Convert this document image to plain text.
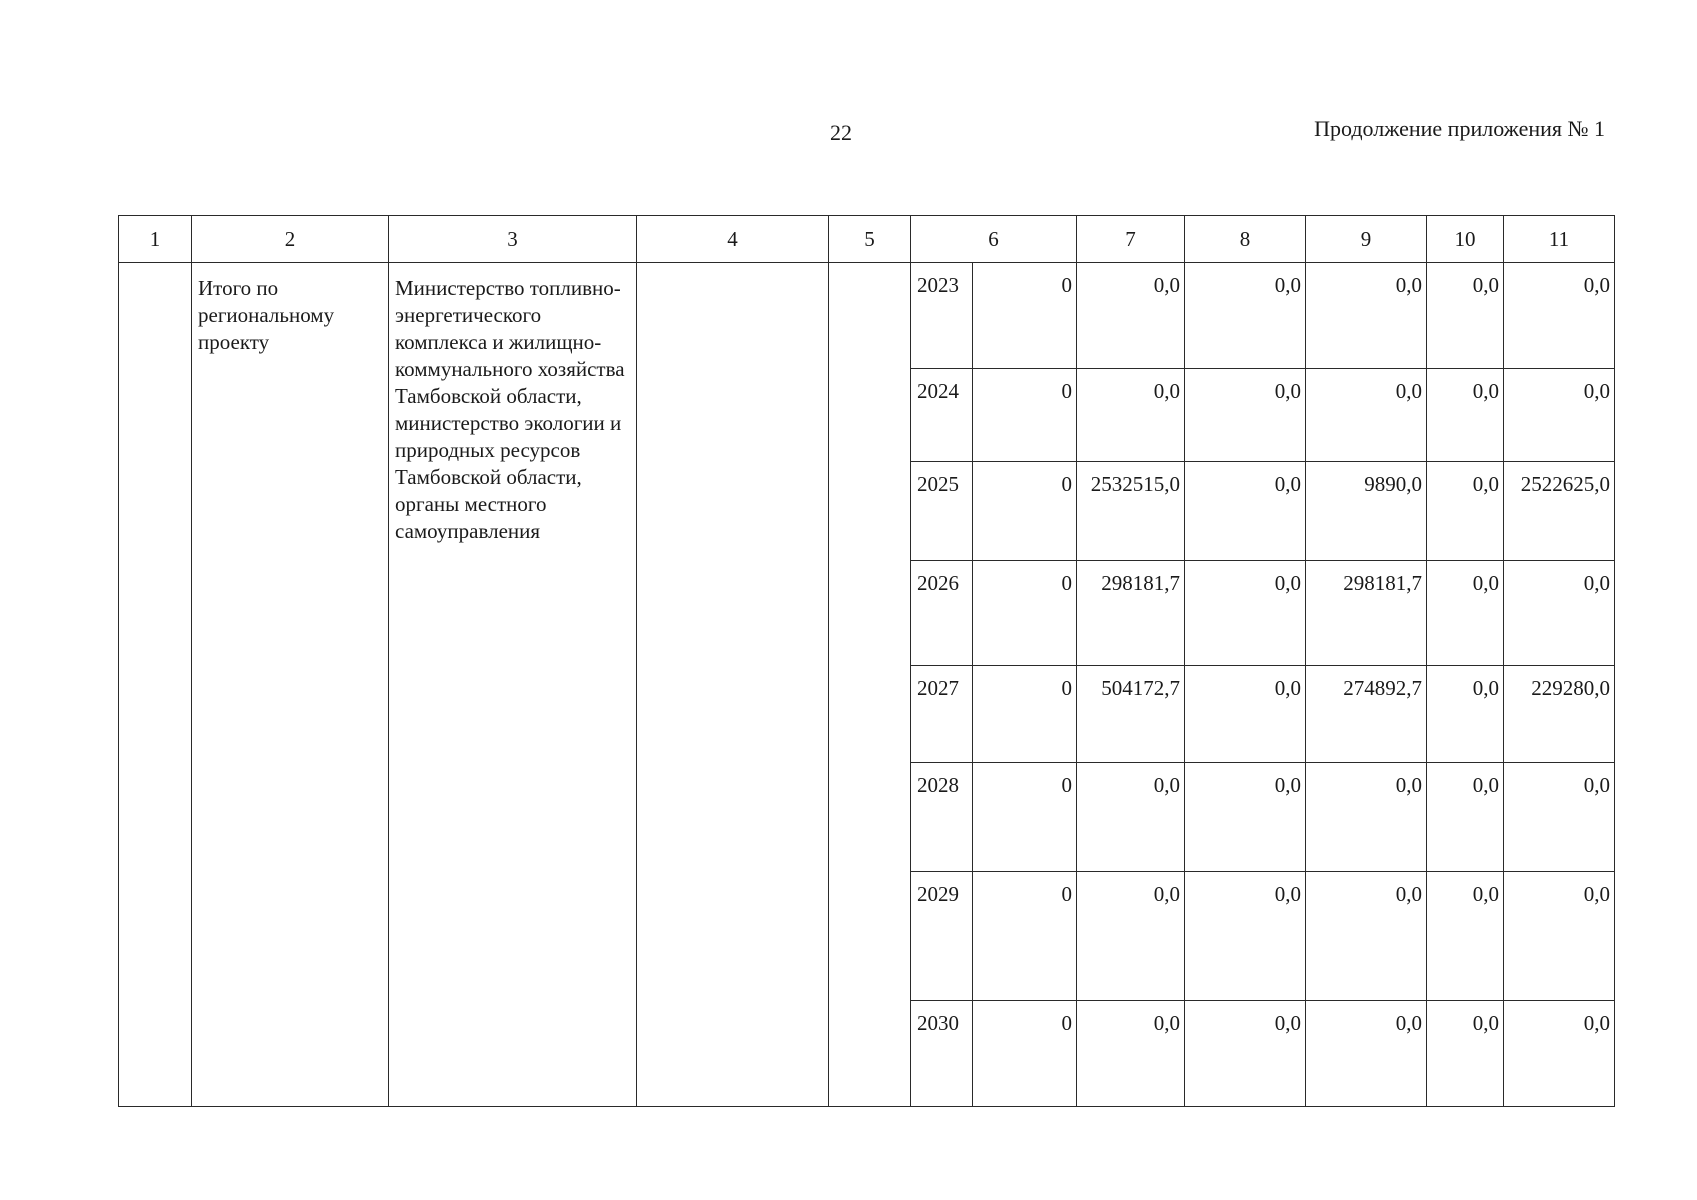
22	Продолжение приложения № 1
1	2	3	4	5	6		7	8	9	10	11
	Итого по региональному проекту	Министерство топливно-энергетического комплекса и жилищно-коммунального хозяйства Тамбовской области, министерство экологии и природных ресурсов Тамбовской области, органы местного самоуправления			2023	0	0,0	0,0	0,0	0,0	0,0
					2024	0	0,0	0,0	0,0	0,0	0,0
					2025	0	2532515,0	0,0	9890,0	0,0	2522625,0
					2026	0	298181,7	0,0	298181,7	0,0	0,0
					2027	0	504172,7	0,0	274892,7	0,0	229280,0
					2028	0	0,0	0,0	0,0	0,0	0,0
					2029	0	0,0	0,0	0,0	0,0	0,0
					2030	0	0,0	0,0	0,0	0,0	0,0
